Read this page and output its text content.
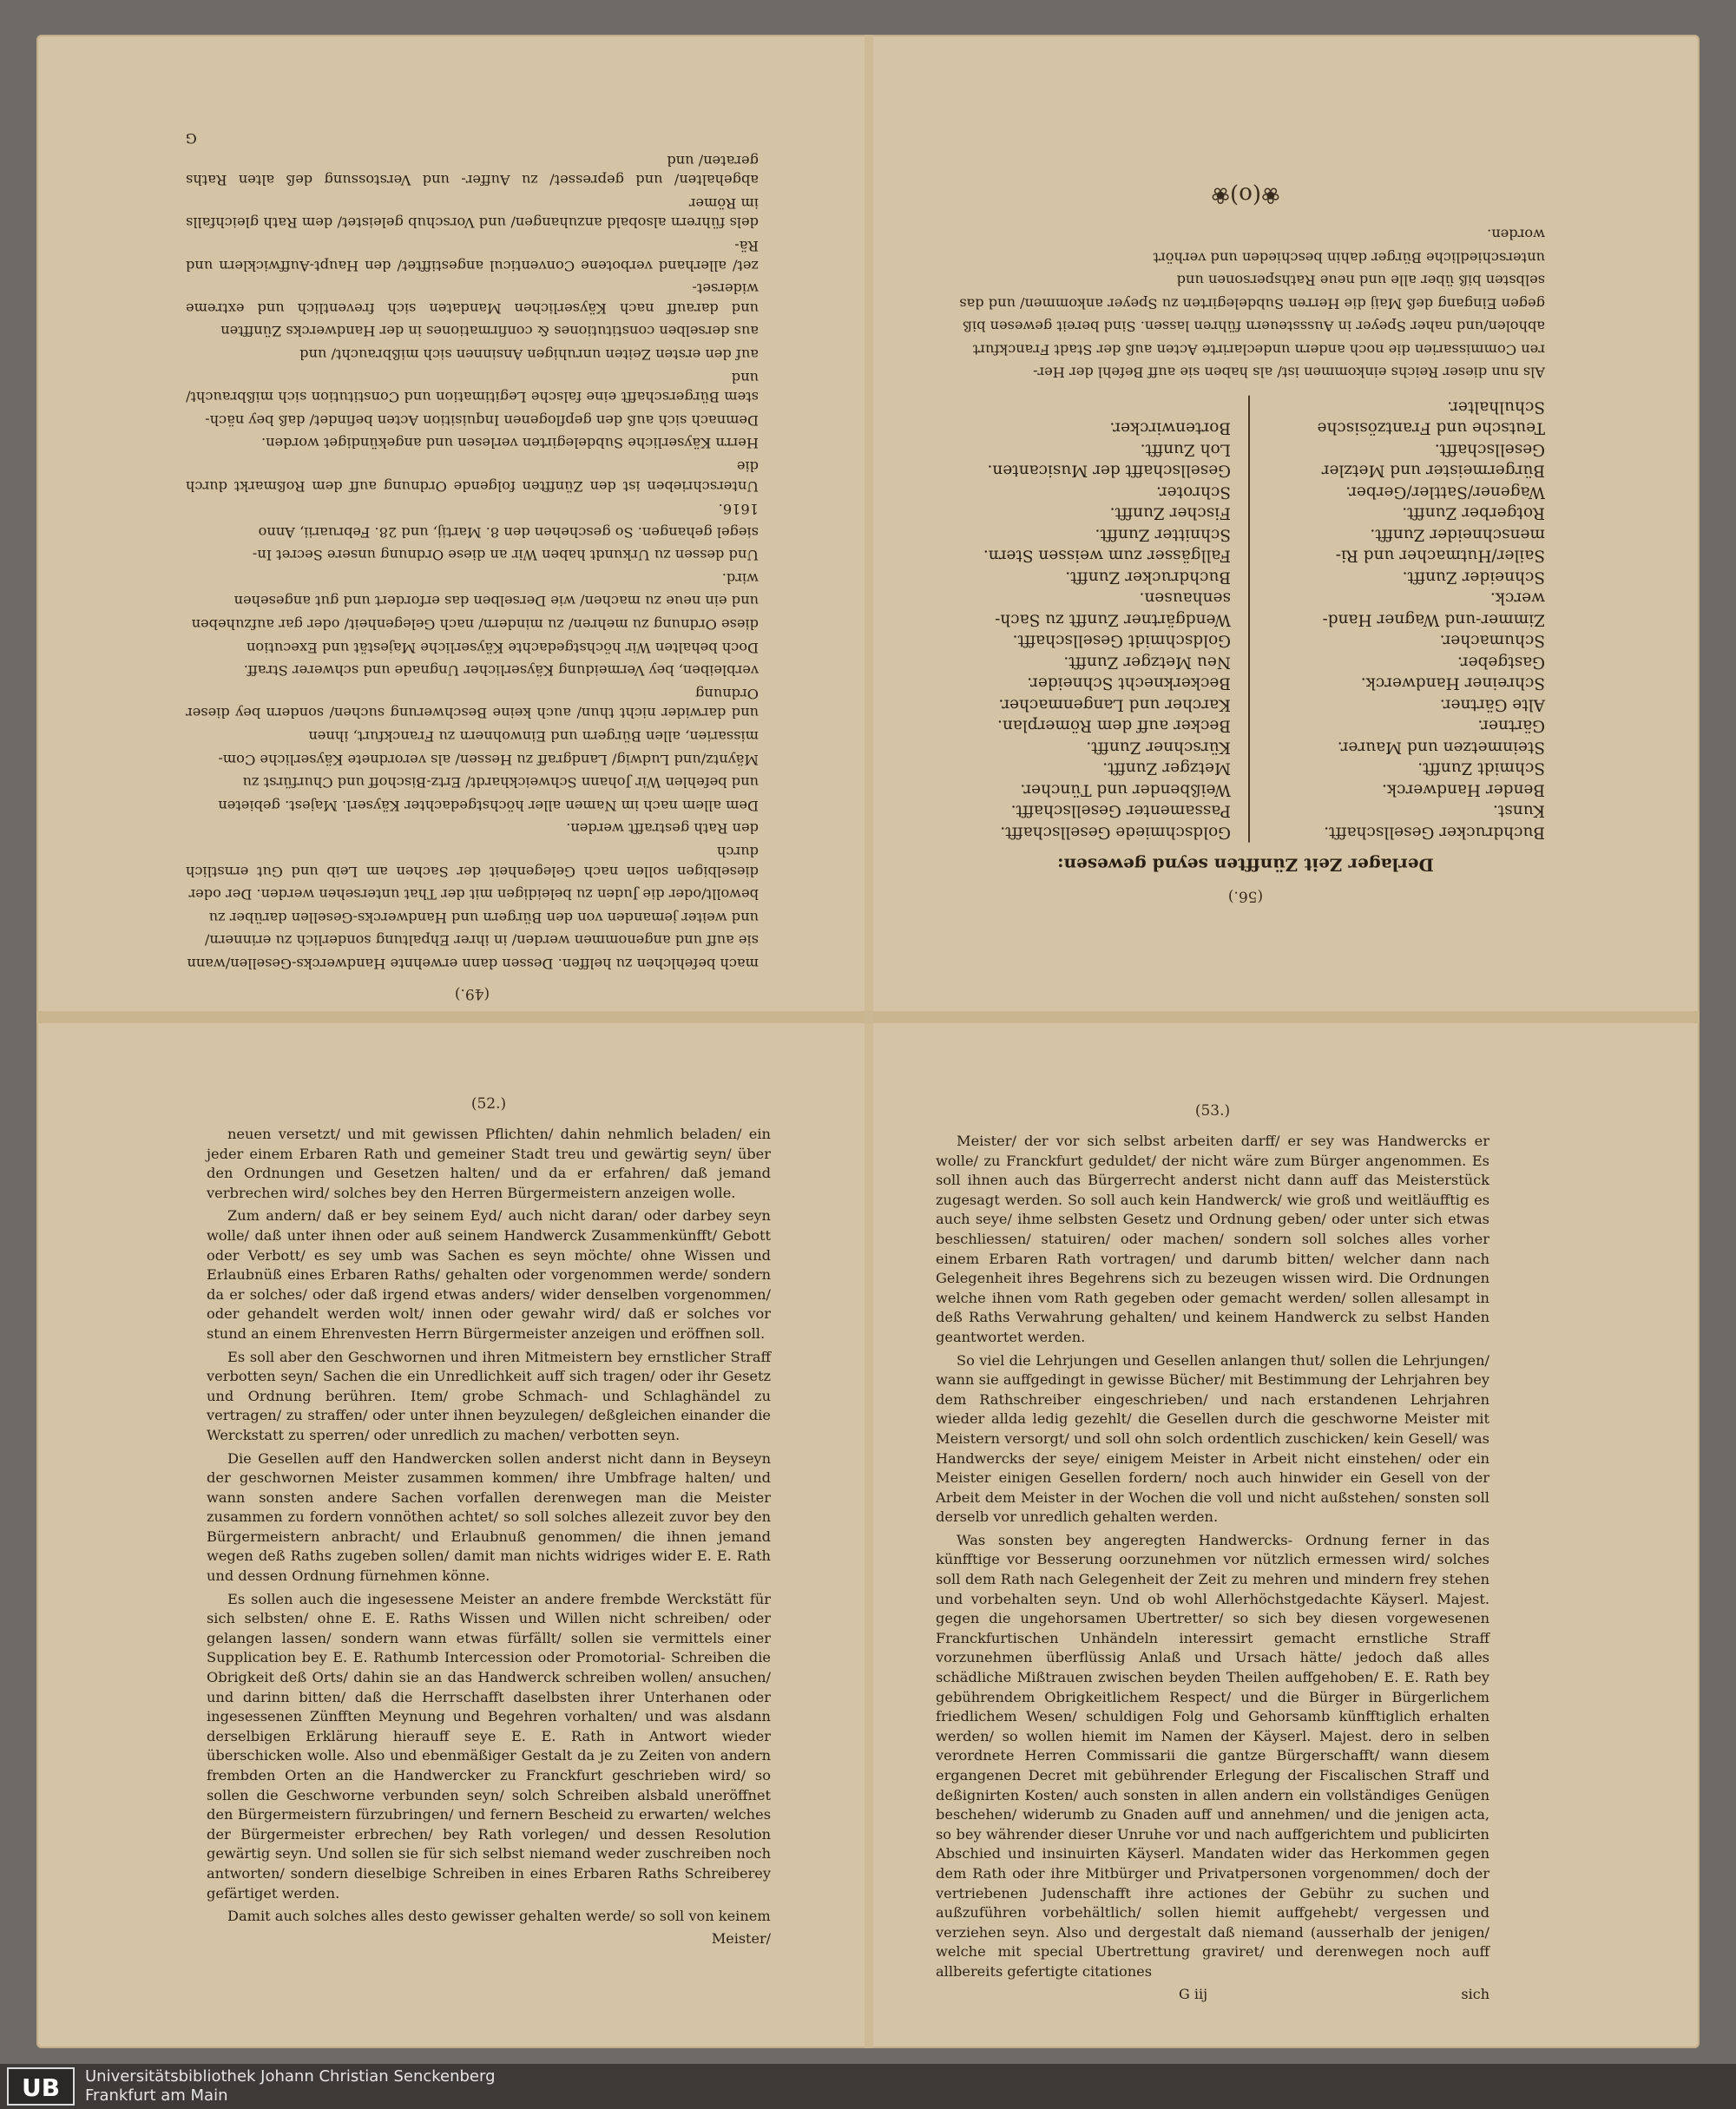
(49.)

mach befehlchen zu helffen. Dessen dann erwehnte Handwercks-Gesellen/wann

sie auff und angenommen werden/ in ihrer Ehpaltung sonderlich zu erinnern/

und weiter jemanden von den Bürgern und Handwercks-Gesellen darüber zu

bewollt/oder die Juden zu beleidigen mit der That untersehen werden. Der oder

dieselbigen sollen nach Gelegenheit der Sachen am Leib und Gut ernstlich durch

den Rath gestrafft werden.

Dem allem nach im Namen aller höchstgedachter Käyserl. Majest. gebieten

und befehlen Wir Johann Schweickhardt/ Ertz-Bischoff und Churfürst zu

Mäyntz/und Ludwig/ Landgraff zu Hessen/ als verordnete Käyserliche Com-

missarien, allen Bürgern und Einwohnern zu Franckfurt, ihnen

und darwider nicht thun/ auch keine Beschwerung suchen/ sondern bey dieser Ordnung

verbleiben, bey Vermeidung Käyserlicher Ungnade und schwerer Straff.

Doch behalten Wir höchstgedachte Käyserliche Majestät und Execution

diese Ordnung zu mehren/ zu mindern/ nach Gelegenheit/ oder gar aufzuheben

und ein neue zu machen/ wie Derselben das erfordert und gut angesehen

wird.

Und dessen zu Urkundt haben Wir an diese Ordnung unsere Secret In-

siegel gehangen. So geschehen den 8. Martij, und 28. Februarii, Anno

1616.

Unterschrieben ist den Zünfften folgende Ordnung auff dem Roßmarkt durch die

Herrn Käyserliche Subdelegirten verlesen und angekündiget worden.

Demnach sich auß den gepflogenen Inquisition Acten befindet/ daß bey näch-

stem Bürgerschafft eine falsche Legitimation und Constitution sich mißbraucht/ und

auf den ersten Zeiten unruhigen Ansinnen sich mißbraucht/ und

aus derselben constitutiones & confirmationes in der Handwercks Zünfften

und darauff nach Käyserlichen Mandaten sich freventlich und extreme widerset-

zet/ allerhand verbotene Conventicul angestifftet/ den Haupt-Auffwicklern und Rä-

dels führern alsobald anzuhangen/ und Vorschub geleistet/ dem Rath gleichfalls im Römer

abgehalten/ und gepresset/ zu Auffer- und Verstossung deß alten Raths geraten/ und

G
(56.)
Derlager Zeit Zünfften seynd gewesen:
Buchdrucker Gesellschafft.
Kunst.
Bender Handwerck.
Schmidt Zunfft.
Steinmetzen und Maurer.
Gärtner.
Alte Gärtner.
Schreiner Handwerck.
Gastgeber.
Schumacher.
Zimmer-und Wagner Hand-
werck.
Schneider Zunfft.
Sailer/Hutmacher und Ri-
menschneider Zunfft.
Rotgerber Zunfft.
Wagener/Sattler/Gerber.
Bürgermeister und Metzler
Gesellschafft.
Teutsche und Frantzösische
Schulhalter.
Goldschmiede Gesellschafft.
Passamenter Gesellschafft.
Weißbender und Tüncher.
Metzger Zunfft.
Kürschner Zunfft.
Becker auff dem Römerplan.
Karcher und Langenmacher.
Beckerknecht Schneider.
Neu Metzger Zunfft.
Goldschmidt Gesellschafft.
Wendgärtner Zunfft zu Sach-
senhausen.
Buchdrucker Zunfft.
Fallgässer zum weissen Stern.
Schnitter Zunfft.
Fischer Zunfft.
Schroter.
Gesellschafft der Musicanten.
Loh Zunfft.
Bortenwircker.

Als nun dieser Reichs einkommen ist/ als haben sie auff Befehl der Her-

ren Commissarien die noch andern undeclarirte Acten auß der Stadt Franckfurt

abholen/und naher Speyer in Ausssteuern führen lassen. Sind bereit gewesen biß

gegen Eingang deß Maij die Herren Subdelegirten zu Speyer ankommen/ und das

selbsten biß über alle und neue Rathspersonen und

unterschiedliche Bürger dahin beschieden und verhört

worden.

❀(o)❀
(52.)

neuen versetzt/ und mit gewissen Pflichten/ dahin nehmlich beladen/ ein jeder einem Erbaren Rath und gemeiner Stadt treu und gewärtig seyn/ über den Ordnungen und Gesetzen halten/ und da er erfahren/ daß jemand verbrechen wird/ solches bey den Herren Bürgermeistern anzeigen wolle.

Zum andern/ daß er bey seinem Eyd/ auch nicht daran/ oder darbey seyn wolle/ daß unter ihnen oder auß seinem Handwerck Zusammenkünfft/ Gebott oder Verbott/ es sey umb was Sachen es seyn möchte/ ohne Wissen und Erlaubnüß eines Erbaren Raths/ gehalten oder vorgenommen werde/ sondern da er solches/ oder daß irgend etwas anders/ wider denselben vorgenommen/ oder gehandelt werden wolt/ innen oder gewahr wird/ daß er solches vor stund an einem Ehrenvesten Herrn Bürgermeister anzeigen und eröffnen soll.

Es soll aber den Geschwornen und ihren Mitmeistern bey ernstlicher Straff verbotten seyn/ Sachen die ein Unredlichkeit auff sich tragen/ oder ihr Gesetz und Ordnung berühren. Item/ grobe Schmach- und Schlaghändel zu vertragen/ zu straffen/ oder unter ihnen beyzulegen/ deßgleichen einander die Werckstatt zu sperren/ oder unredlich zu machen/ verbotten seyn.

Die Gesellen auff den Handwercken sollen anderst nicht dann in Beyseyn der geschwornen Meister zusammen kommen/ ihre Umbfrage halten/ und wann sonsten andere Sachen vorfallen derenwegen man die Meister zusammen zu fordern vonnöthen achtet/ so soll solches allezeit zuvor bey den Bürgermeistern anbracht/ und Erlaubnuß genommen/ die ihnen jemand wegen deß Raths zugeben sollen/ damit man nichts widriges wider E. E. Rath und dessen Ordnung fürnehmen könne.

Es sollen auch die ingesessene Meister an andere frembde Werckstätt für sich selbsten/ ohne E. E. Raths Wissen und Willen nicht schreiben/ oder gelangen lassen/ sondern wann etwas fürfällt/ sollen sie vermittels einer Supplication bey E. E. Rathumb Intercession oder Promotorial- Schreiben die Obrigkeit deß Orts/ dahin sie an das Handwerck schreiben wollen/ ansuchen/ und darinn bitten/ daß die Herrschafft daselbsten ihrer Unterhanen oder ingesessenen Zünfften Meynung und Begehren vorhalten/ und was alsdann derselbigen Erklärung hierauff seye E. E. Rath in Antwort wieder überschicken wolle. Also und ebenmäßiger Gestalt da je zu Zeiten von andern frembden Orten an die Handwercker zu Franckfurt geschrieben wird/ so sollen die Geschworne verbunden seyn/ solch Schreiben alsbald uneröffnet den Bürgermeistern fürzubringen/ und fernern Bescheid zu erwarten/ welches der Bürgermeister erbrechen/ bey Rath vorlegen/ und dessen Resolution gewärtig seyn. Und sollen sie für sich selbst niemand weder zuschreiben noch antworten/ sondern dieselbige Schreiben in eines Erbaren Raths Schreiberey gefärtiget werden.

Damit auch solches alles desto gewisser gehalten werde/ so soll von keinem

Meister/
(53.)

Meister/ der vor sich selbst arbeiten darff/ er sey was Handwercks er wolle/ zu Franckfurt geduldet/ der nicht wäre zum Bürger angenommen. Es soll ihnen auch das Bürgerrecht anderst nicht dann auff das Meisterstück zugesagt werden. So soll auch kein Handwerck/ wie groß und weitläufftig es auch seye/ ihme selbsten Gesetz und Ordnung geben/ oder unter sich etwas beschliessen/ statuiren/ oder machen/ sondern soll solches alles vorher einem Erbaren Rath vortragen/ und darumb bitten/ welcher dann nach Gelegenheit ihres Begehrens sich zu bezeugen wissen wird. Die Ordnungen welche ihnen vom Rath gegeben oder gemacht werden/ sollen allesampt in deß Raths Verwahrung gehalten/ und keinem Handwerck zu selbst Handen geantwortet werden.

So viel die Lehrjungen und Gesellen anlangen thut/ sollen die Lehrjungen/ wann sie auffgedingt in gewisse Bücher/ mit Bestimmung der Lehrjahren bey dem Rathschreiber eingeschrieben/ und nach erstandenen Lehrjahren wieder allda ledig gezehlt/ die Gesellen durch die geschworne Meister mit Meistern versorgt/ und soll ohn solch ordentlich zuschicken/ kein Gesell/ was Handwercks der seye/ einigem Meister in Arbeit nicht einstehen/ oder ein Meister einigen Gesellen fordern/ noch auch hinwider ein Gesell von der Arbeit dem Meister in der Wochen die voll und nicht außstehen/ sonsten soll derselb vor unredlich gehalten werden.

Was sonsten bey angeregten Handwercks- Ordnung ferner in das künfftige vor Besserung oorzunehmen vor nützlich ermessen wird/ solches soll dem Rath nach Gelegenheit der Zeit zu mehren und mindern frey stehen und vorbehalten seyn. Und ob wohl Allerhöchstgedachte Käyserl. Majest. gegen die ungehorsamen Ubertretter/ so sich bey diesen vorgewesenen Franckfurtischen Unhändeln interessirt gemacht ernstliche Straff vorzunehmen überflüssig Anlaß und Ursach hätte/ jedoch daß alles schädliche Mißtrauen zwischen beyden Theilen auffgehoben/ E. E. Rath bey gebührendem Obrigkeitlichem Respect/ und die Bürger in Bürgerlichem friedlichem Wesen/ schuldigen Folg und Gehorsamb künfftiglich erhalten werden/ so wollen hiemit im Namen der Käyserl. Majest. dero in selben verordnete Herren Commissarii die gantze Bürgerschafft/ wann diesem ergangenen Decret mit gebührender Erlegung der Fiscalischen Straff und deßignirten Kosten/ auch sonsten in allen andern ein vollständiges Genügen beschehen/ widerumb zu Gnaden auff und annehmen/ und die jenigen acta, so bey währender dieser Unruhe vor und nach auffgerichtem und publicirten Abschied und insinuirten Käyserl. Mandaten wider das Herkommen gegen dem Rath oder ihre Mitbürger und Privatpersonen vorgenommen/ doch der vertriebenen Judenschafft ihre actiones der Gebühr zu suchen und außzuführen vorbehältlich/ sollen hiemit auffgehebt/ vergessen und verziehen seyn. Also und dergestalt daß niemand (ausserhalb der jenigen/ welche mit special Ubertrettung graviret/ und derenwegen noch auff allbereits gefertigte citationes

G iij	sich
UB	Universitätsbibliothek Johann Christian Senckenberg
Frankfurt am Main
